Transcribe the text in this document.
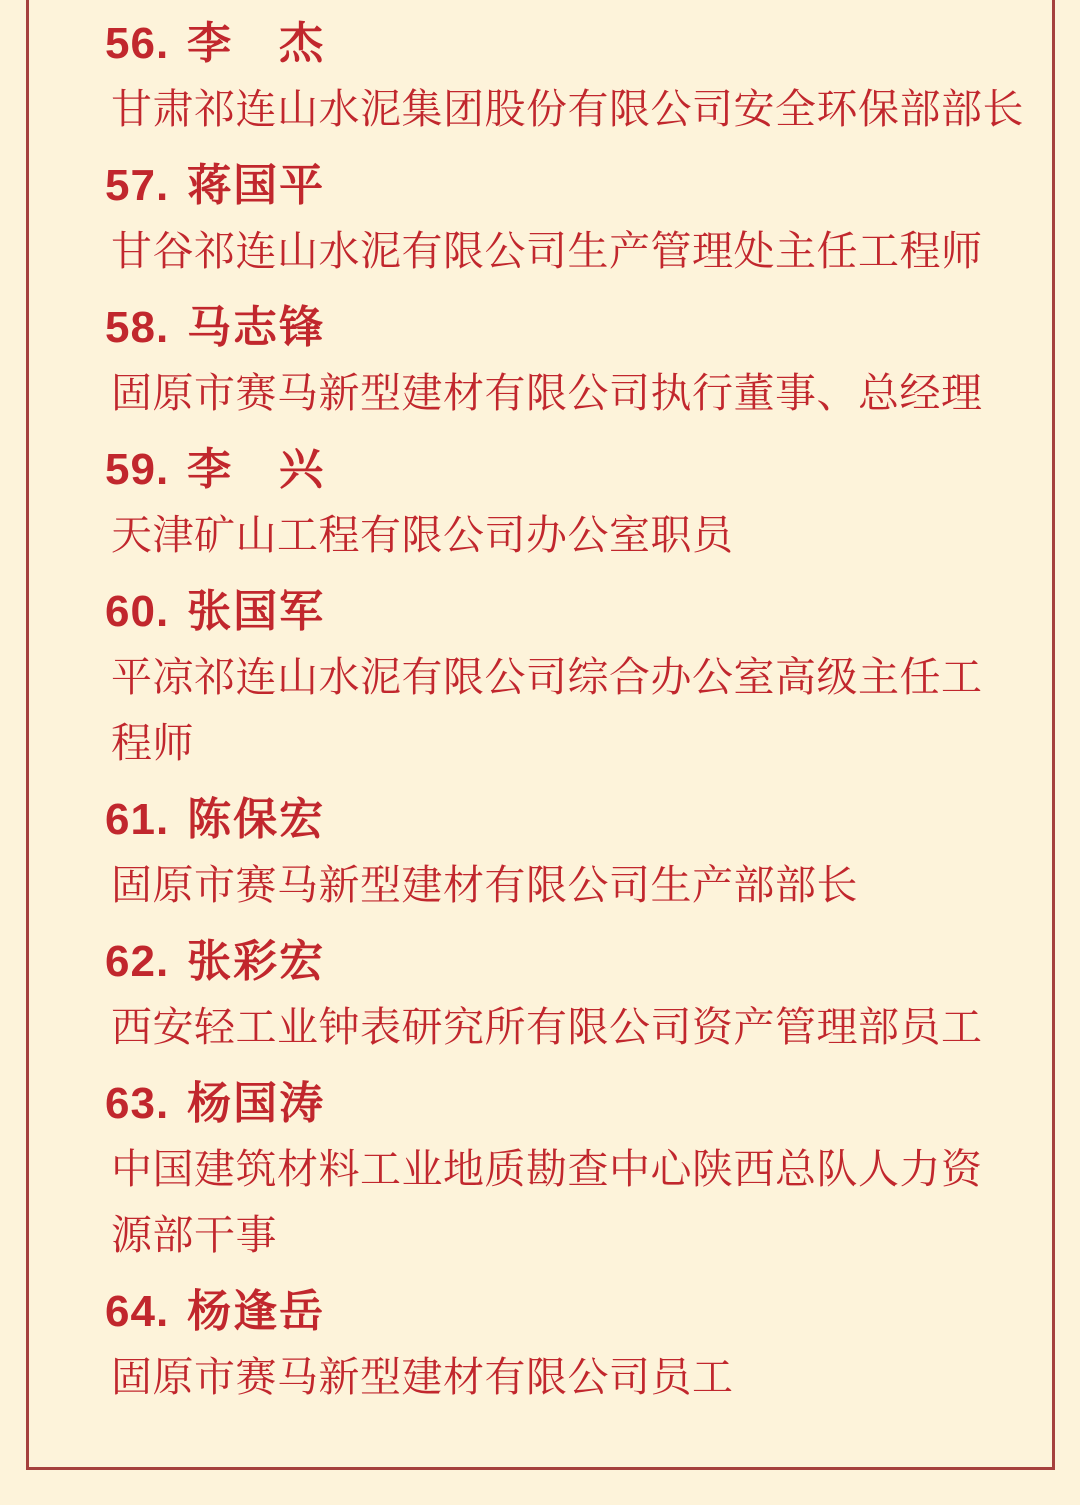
56. 李　杰
甘肃祁连山水泥集团股份有限公司安全环保部部长
57. 蒋国平
甘谷祁连山水泥有限公司生产管理处主任工程师
58. 马志锋
固原市赛马新型建材有限公司执行董事、总经理
59. 李　兴
天津矿山工程有限公司办公室职员
60. 张国军
平凉祁连山水泥有限公司综合办公室高级主任工
程师
61. 陈保宏
固原市赛马新型建材有限公司生产部部长
62. 张彩宏
西安轻工业钟表研究所有限公司资产管理部员工
63. 杨国涛
中国建筑材料工业地质勘查中心陕西总队人力资
源部干事
64. 杨逢岳
固原市赛马新型建材有限公司员工
